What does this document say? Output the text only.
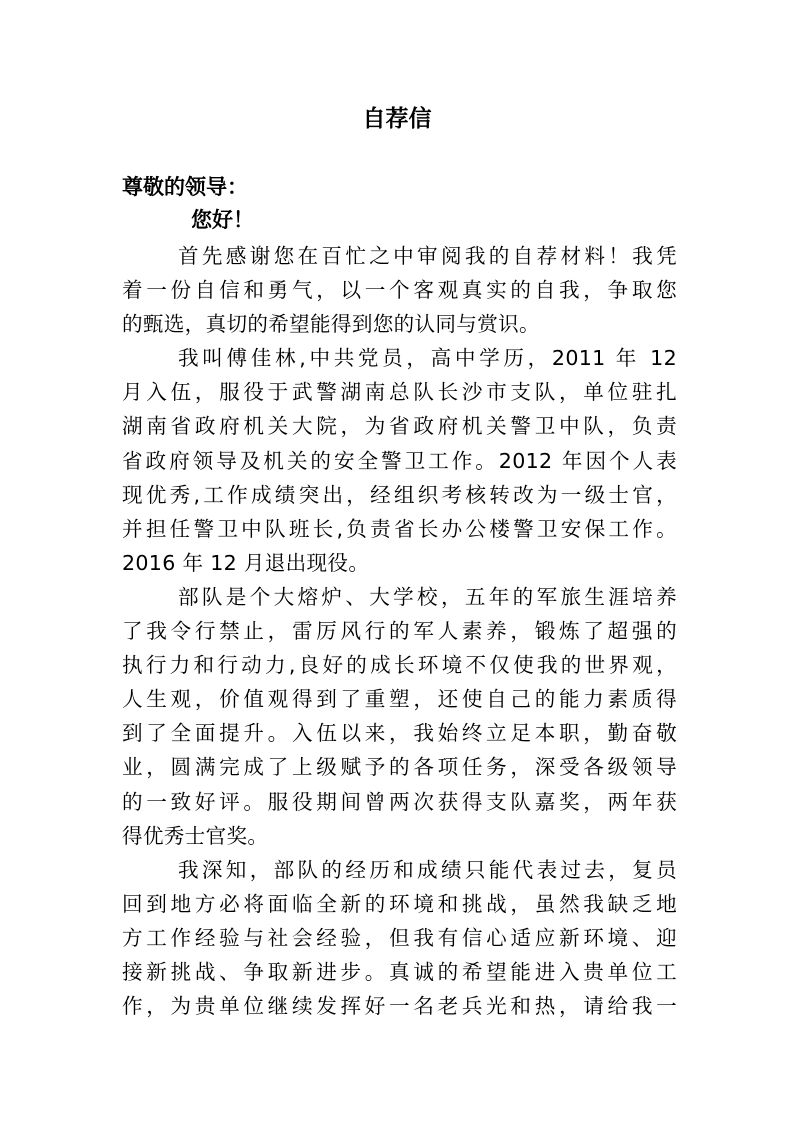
自荐信
尊敬的领导：
您好！
首先感谢您在百忙之中审阅我的自荐材料！我凭
着一份自信和勇气，以一个客观真实的自我，争取您
的甄选，真切的希望能得到您的认同与赏识。
我叫傅佳林,中共党员，高中学历，2011 年 12
月入伍，服役于武警湖南总队长沙市支队，单位驻扎
湖南省政府机关大院，为省政府机关警卫中队，负责
省政府领导及机关的安全警卫工作。2012 年因个人表
现优秀,工作成绩突出，经组织考核转改为一级士官，
并担任警卫中队班长,负责省长办公楼警卫安保工作。
2016 年 12 月退出现役。
部队是个大熔炉、大学校，五年的军旅生涯培养
了我令行禁止，雷厉风行的军人素养，锻炼了超强的
执行力和行动力,良好的成长环境不仅使我的世界观，
人生观，价值观得到了重塑，还使自己的能力素质得
到了全面提升。入伍以来，我始终立足本职，勤奋敬
业，圆满完成了上级赋予的各项任务，深受各级领导
的一致好评。服役期间曾两次获得支队嘉奖，两年获
得优秀士官奖。
我深知，部队的经历和成绩只能代表过去，复员
回到地方必将面临全新的环境和挑战，虽然我缺乏地
方工作经验与社会经验，但我有信心适应新环境、迎
接新挑战、争取新进步。真诚的希望能进入贵单位工
作，为贵单位继续发挥好一名老兵光和热，请给我一
